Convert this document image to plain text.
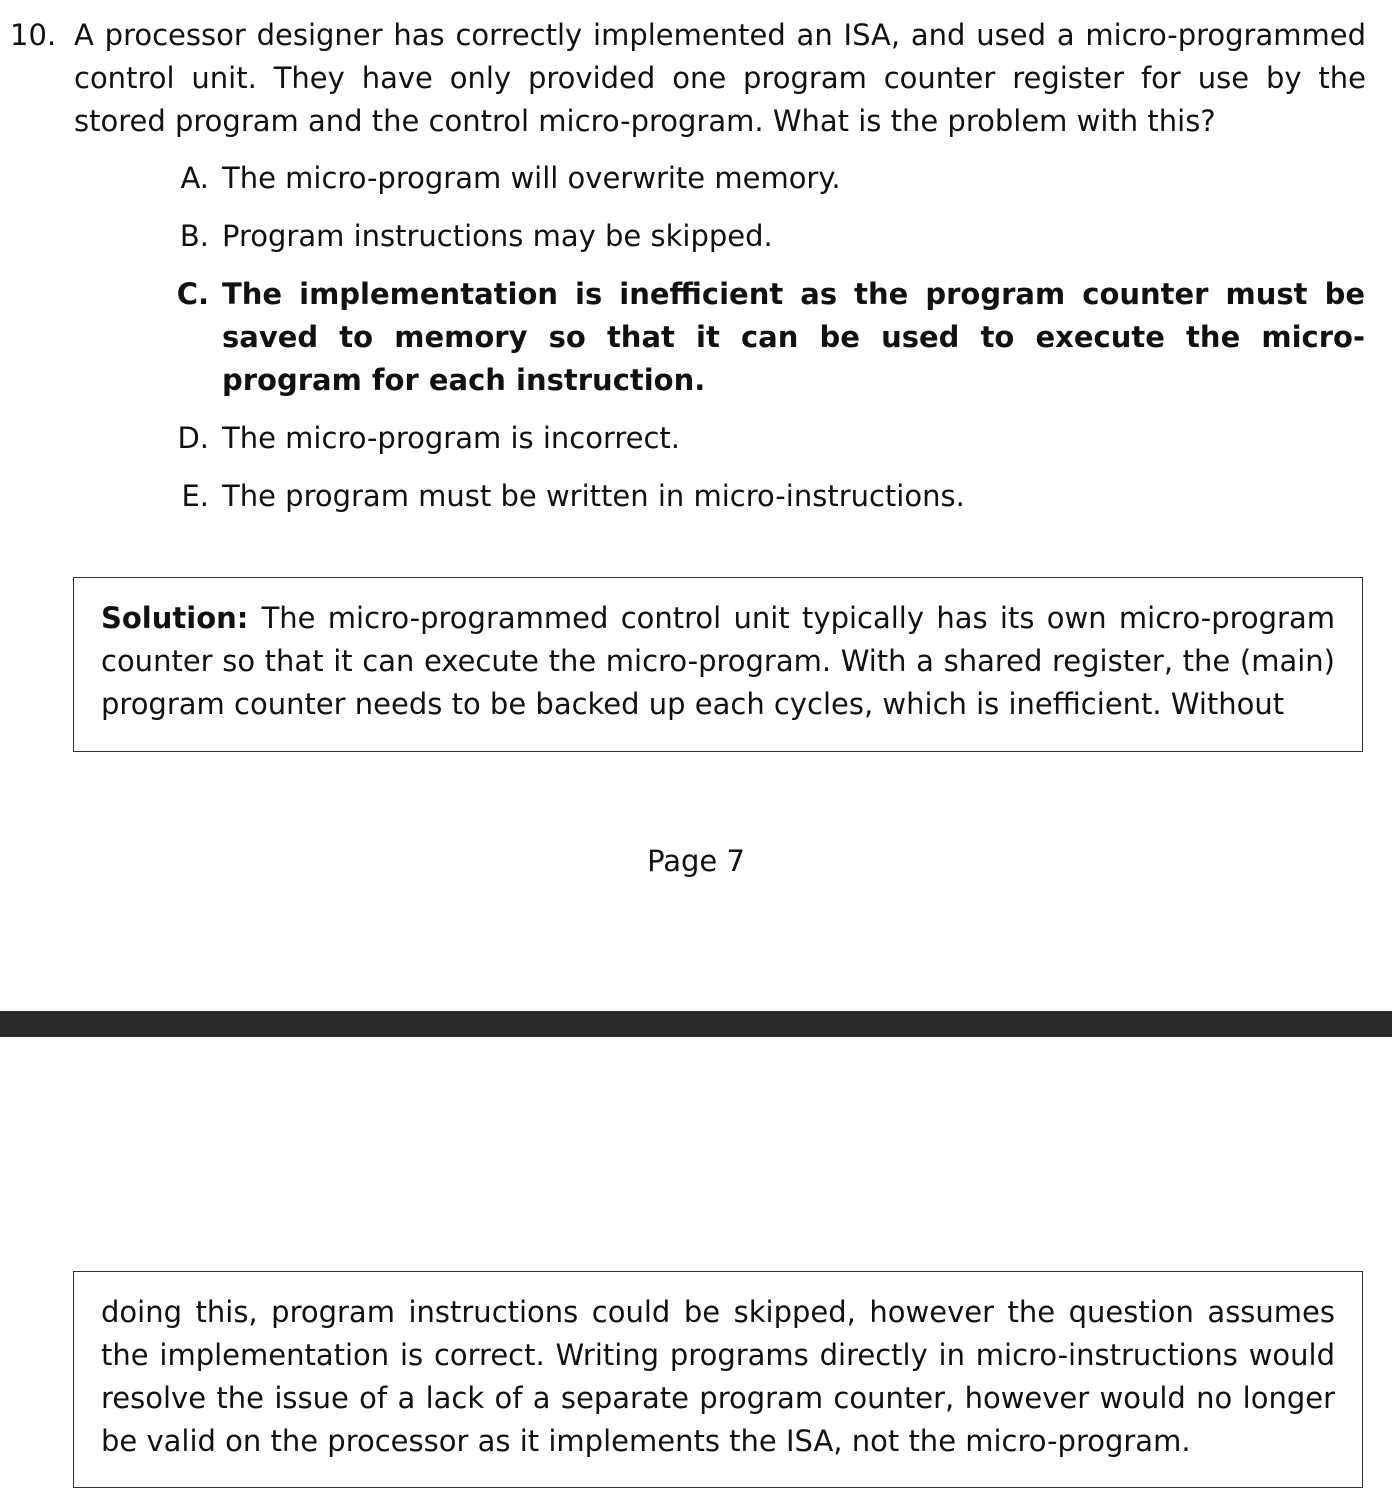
10. A processor designer has correctly implemented an ISA, and used a micro-programmed control unit. They have only provided one program counter register for use by the stored program and the control micro-program. What is the problem with this?
A. The micro-program will overwrite memory.
B. Program instructions may be skipped.
C. The implementation is inefficient as the program counter must be saved to memory so that it can be used to execute the micro-program for each instruction.
D. The micro-program is incorrect.
E. The program must be written in micro-instructions.
Solution: The micro-programmed control unit typically has its own micro-program counter so that it can execute the micro-program. With a shared register, the (main) program counter needs to be backed up each cycles, which is inefficient. Without
Page 7
doing this, program instructions could be skipped, however the question assumes the implementation is correct. Writing programs directly in micro-instructions would resolve the issue of a lack of a separate program counter, however would no longer be valid on the processor as it implements the ISA, not the micro-program.
